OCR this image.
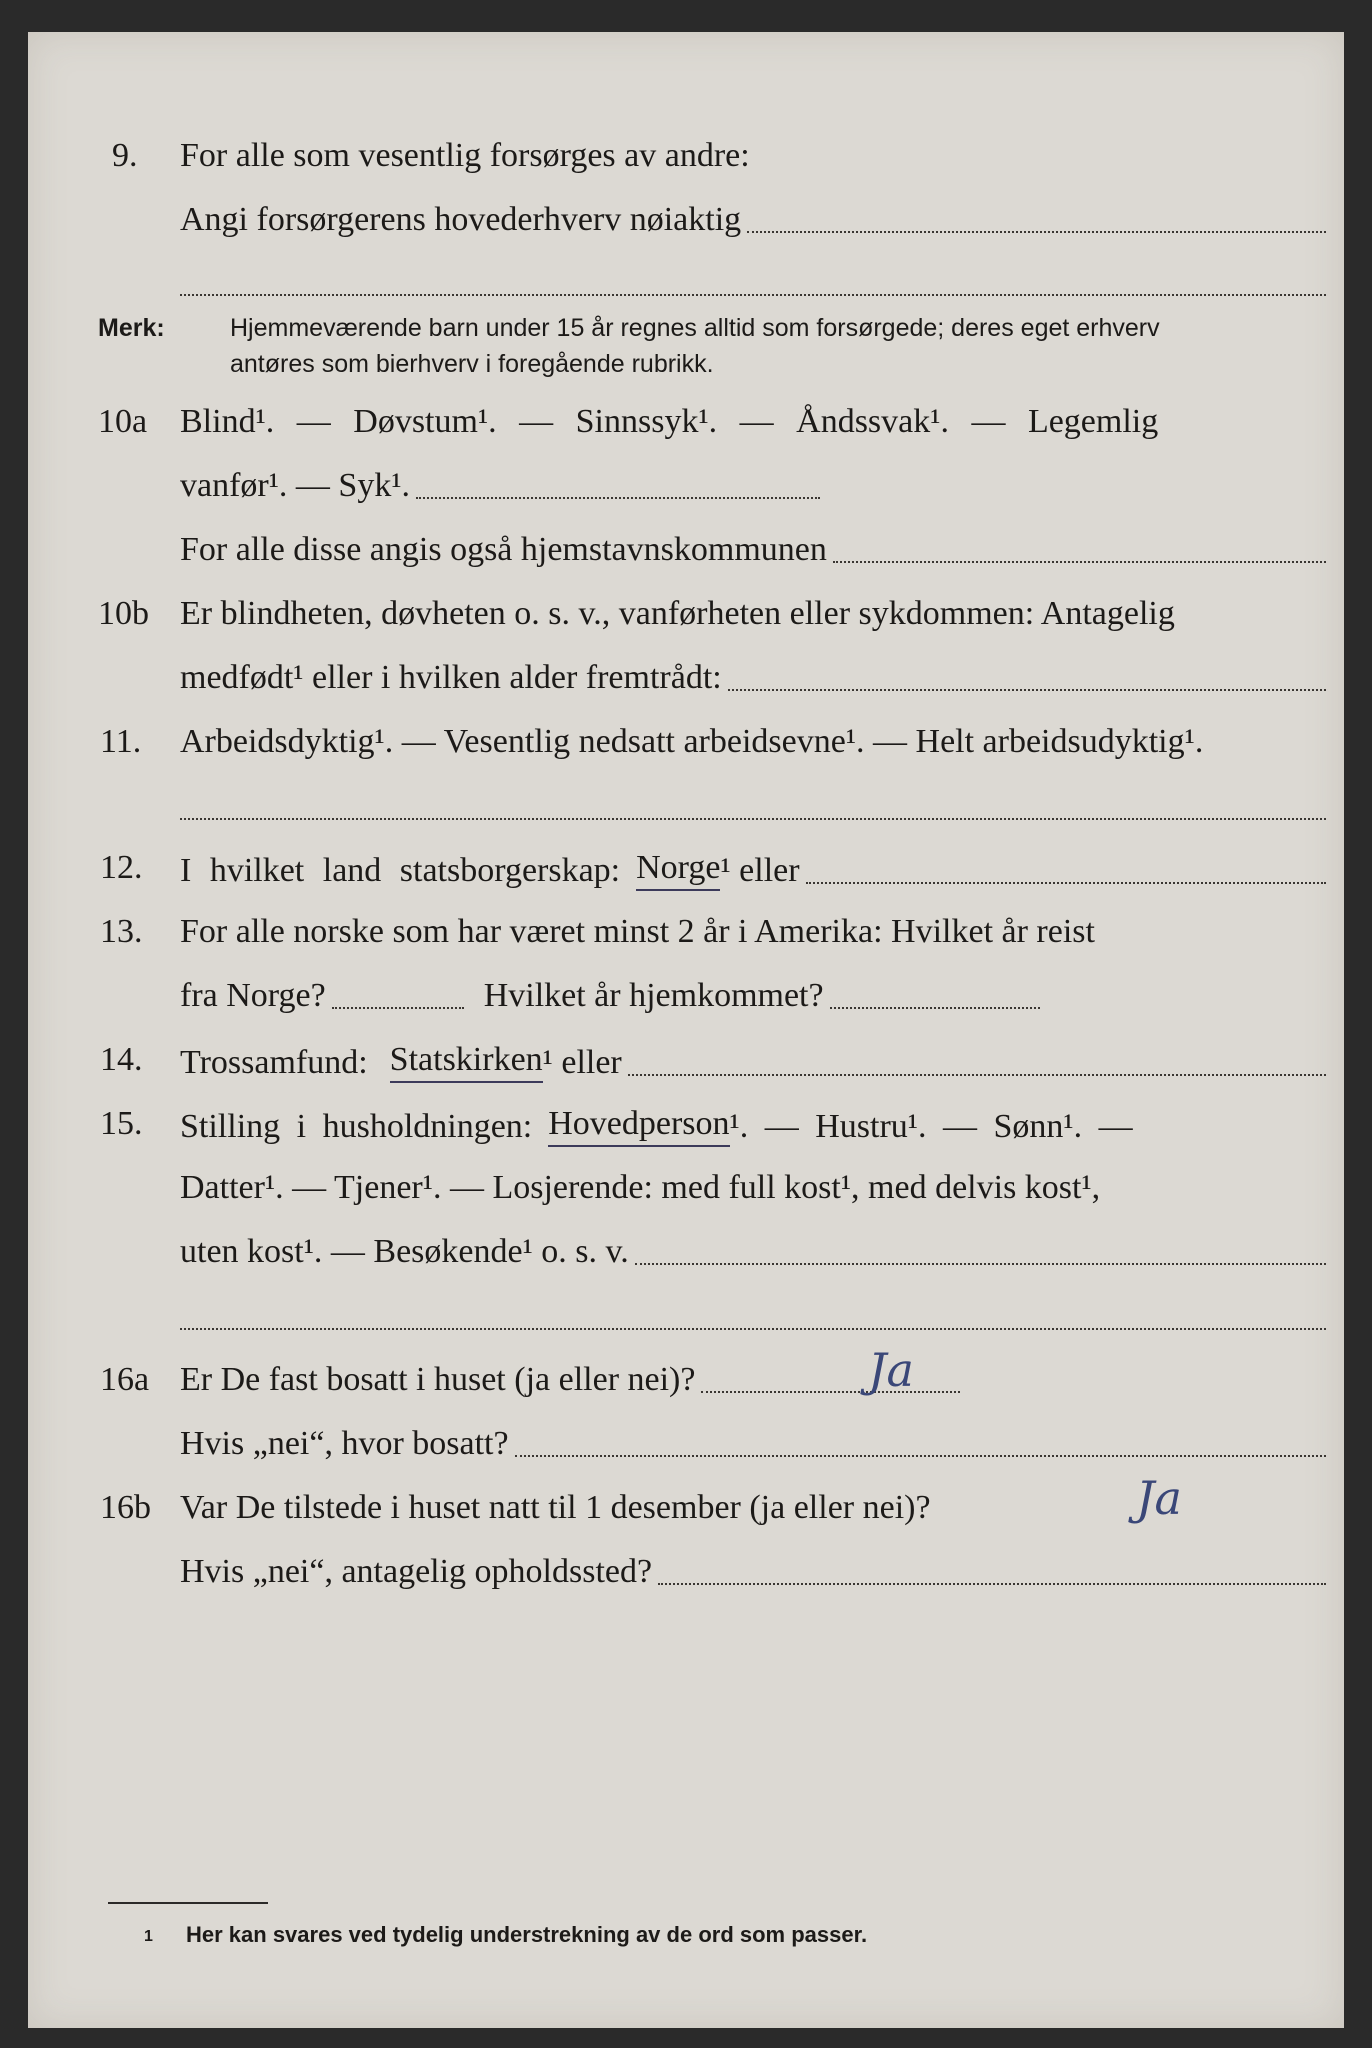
9. For alle som vesentlig forsørges av andre:
Angi forsørgerens hovederhverv nøiaktig
Merk:	Hjemmeværende barn under 15 år regnes alltid som forsørgede; deres eget erhverv
antøres som bierhverv i foregående rubrikk.
10a Blind¹. — Døvstum¹. — Sinnssyk¹. — Åndssvak¹. — Legemlig
vanfør¹. — Syk¹.
For alle disse angis også hjemstavnskommunen
10b Er blindheten, døvheten o. s. v., vanførheten eller sykdommen: Antagelig
medfødt¹ eller i hvilken alder fremtrådt:
11. Arbeidsdyktig¹. — Vesentlig nedsatt arbeidsevne¹. — Helt arbeidsudyktig¹.
12. I hvilket land statsborgerskap: Norge ¹ eller
13. For alle norske som har været minst 2 år i Amerika: Hvilket år reist
fra Norge?	Hvilket år hjemkommet?
14. Trossamfund: Statskirken ¹ eller
15. Stilling i husholdningen: Hovedperson ¹. — Hustru¹. — Sønn¹. —
Datter¹. — Tjener¹. — Losjerende: med full kost¹, med delvis kost¹,
uten kost¹. — Besøkende¹ o. s. v.
16a Er De fast bosatt i huset (ja eller nei)?	Ja
Hvis „nei“, hvor bosatt?
16b Var De tilstede i huset natt til 1 desember (ja eller nei)?	Ja
Hvis „nei“, antagelig opholdssted?
1 Her kan svares ved tydelig understrekning av de ord som passer.
